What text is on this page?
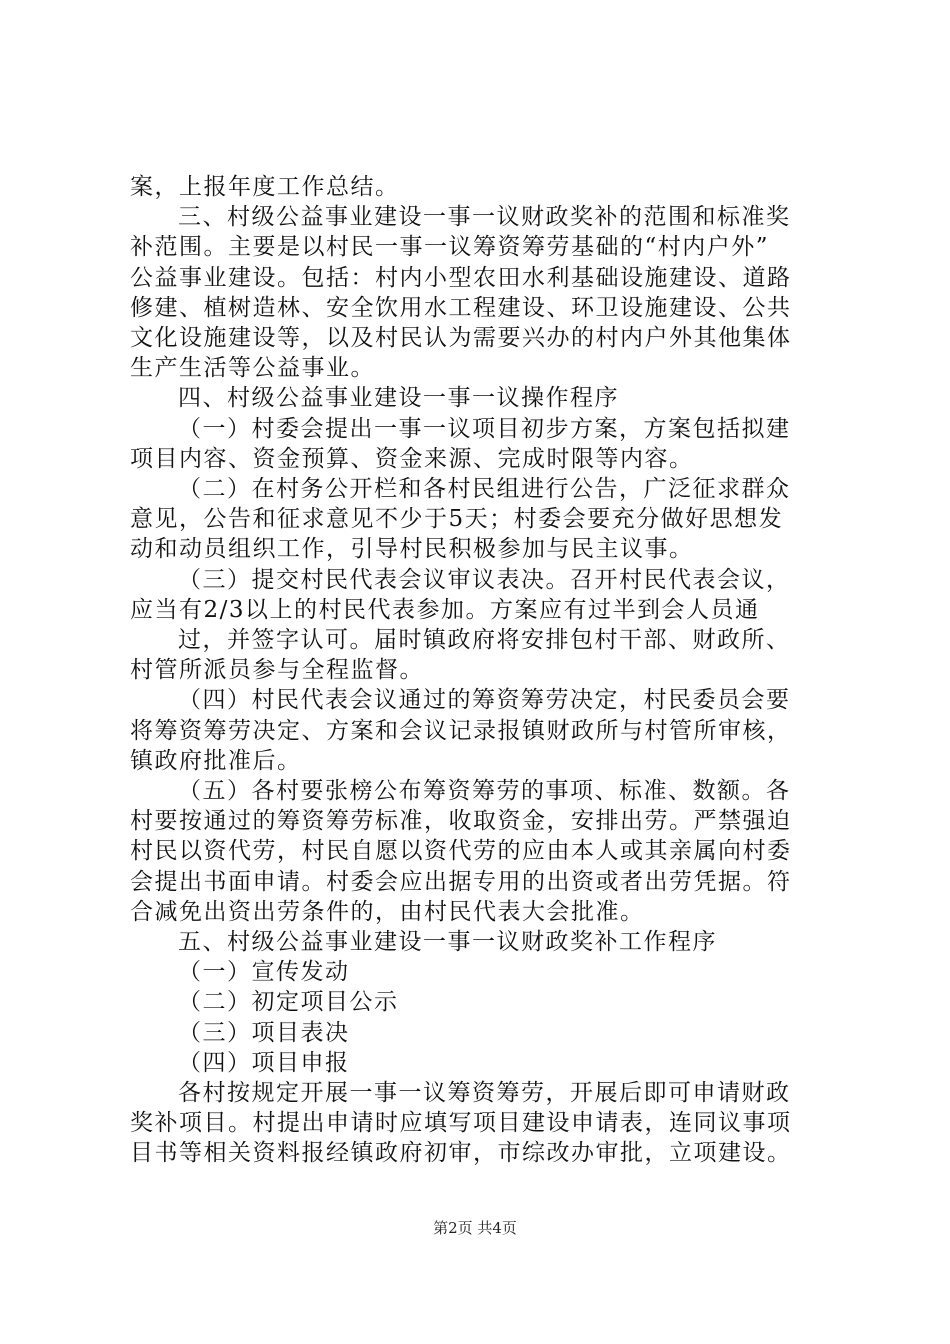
案，上报年度工作总结。
三、村级公益事业建设一事一议财政奖补的范围和标准奖
补范围。主要是以村民一事一议筹资筹劳基础的“村内户外”
公益事业建设。包括：村内小型农田水利基础设施建设、道路
修建、植树造林、安全饮用水工程建设、环卫设施建设、公共
文化设施建设等，以及村民认为需要兴办的村内户外其他集体
生产生活等公益事业。
四、村级公益事业建设一事一议操作程序
（一）村委会提出一事一议项目初步方案，方案包括拟建
项目内容、资金预算、资金来源、完成时限等内容。
（二）在村务公开栏和各村民组进行公告，广泛征求群众
意见，公告和征求意见不少于5天；村委会要充分做好思想发
动和动员组织工作，引导村民积极参加与民主议事。
（三）提交村民代表会议审议表决。召开村民代表会议，
应当有2/3以上的村民代表参加。方案应有过半到会人员通
过，并签字认可。届时镇政府将安排包村干部、财政所、
村管所派员参与全程监督。
（四）村民代表会议通过的筹资筹劳决定，村民委员会要
将筹资筹劳决定、方案和会议记录报镇财政所与村管所审核，
镇政府批准后。
（五）各村要张榜公布筹资筹劳的事项、标准、数额。各
村要按通过的筹资筹劳标准，收取资金，安排出劳。严禁强迫
村民以资代劳，村民自愿以资代劳的应由本人或其亲属向村委
会提出书面申请。村委会应出据专用的出资或者出劳凭据。符
合减免出资出劳条件的，由村民代表大会批准。
五、村级公益事业建设一事一议财政奖补工作程序
（一）宣传发动
（二）初定项目公示
（三）项目表决
（四）项目申报
各村按规定开展一事一议筹资筹劳，开展后即可申请财政
奖补项目。村提出申请时应填写项目建设申请表，连同议事项
目书等相关资料报经镇政府初审，市综改办审批，立项建设。
第2页 共4页
